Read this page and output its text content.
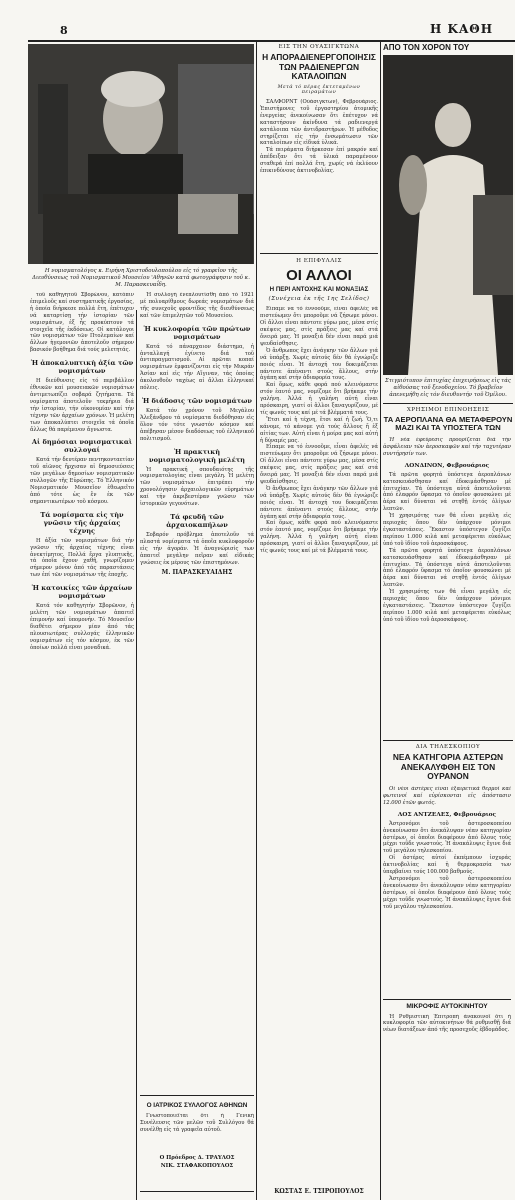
8	Η ΚΑΘΗ
Η νομισματολόγος κ. Ειρήνη Χριστοδουλοπούλου είς τό γραφεῖον τῆς Διευθύνσεως τοῦ Νομισματικοῦ Μουσείου 'Αθηνῶν κατά φωτογράφησιν τοῦ κ. Μ. Παρασκευαΐδη.

τοῦ καθηγητοῦ Σβορώνου, κατόπιν ἐπιμελοῦς καί συστηματικῆς ἐργασίας, ἡ ὁποία διήρκεσε πολλά ἔτη, ἐπέτυχεν νά καταρτίσῃ τήν ἱστορίαν τῶν νομισμάτων, ἐξ ἧς προκύπτουν τά στοιχεῖα τῆς ἐκδόσεως. Οἱ κατάλογοι τῶν νομισμάτων τῶν Πτολεμαίων καί ἄλλων ἡγεμονιῶν ἀποτελοῦν σήμερον βασικόν βοήθημα διά τούς μελετητάς.

Ἡ ἀποκαλυπτικὴ ἀξία τῶν νομισμάτων

Η διεύθυνσις είς τό περιβάλλον ἐθνικῶν καί μουσειακῶν νομισμάτων ἀντιμετωπίζει σοβαρά ζητήματα. Τά νομίσματα ἀποτελοῦν τεκμήρια διά τήν ἱστορίαν, τήν οἰκονομίαν καί τήν τέχνην τῶν ἀρχαίων χρόνων. Ἡ μελέτη των ἀποκαλύπτει στοιχεῖα τά ὁποῖα ἄλλως θά παρέμενον ἄγνωστα.

Αἱ δημόσιαι νομισματικαὶ συλλογαί

Κατά τήν δευτέραν πεντηκονταετίαν τοῦ αἰῶνος ἤρχισαν αἱ δημοσιεύσεις τῶν μεγάλων δημοσίων νομισματικῶν συλλογῶν τῆς Εὐρώπης. Τό Ἑλληνικόν Νομισματικόν Μουσεῖον ἐθεωρεῖτο ἀπό τότε ὡς ἕν ἐκ τῶν σημαντικωτέρων τοῦ κόσμου.

Τά νομίσματα εἰς τὴν γνῶσιν τῆς ἀρχαίας τέχνης

Η ἀξία τῶν νομισμάτων διά τήν γνῶσιν τῆς ἀρχαίας τέχνης εἶναι ἀνεκτίμητος. Πολλά ἔργα γλυπτικῆς, τά ὁποῖα ἔχουν χαθῆ, γνωρίζομεν σήμερον μόνον ἀπό τάς παραστάσεις των ἐπί τῶν νομισμάτων τῆς ἐποχῆς.

Ἡ κατοικίες τῶν ἀρχαίων νομισμάτων

Κατά τόν καθηγητήν Σβορῶνον, ἡ μελέτη τῶν νομισμάτων ἀπαιτεῖ ἐπιμονήν καί ὑπομονήν. Τό Μουσεῖον διαθέτει σήμερον μίαν ἀπό τάς πλουσιωτέρας συλλογάς ἑλληνικῶν νομισμάτων εἰς τόν κόσμον, ἐκ τῶν ὁποίων πολλά εἶναι μοναδικά.

Ἡ συλλογή ἐνεπλουτίσθη ἀπό τό 1921 μέ πολυαρίθμους δωρεάς νομισμάτων διά τῆς συνεχοῦς φροντίδος τῆς διευθύνσεως καί τῶν ἐπιμελητῶν τοῦ Μουσείου.

Ἡ κυκλοφορία τῶν πρώτων νομισμάτων

Κατά τό πάναρχαιον διάστημα, ἡ ἀνταλλαγή ἐγίνετο διά τοῦ ἀντιπραγματισμοῦ. Αἱ πρῶται κοπαί νομισμάτων ἐμφανίζονται εἰς τήν Μικράν Ἀσίαν καί εἰς τήν Αἴγιναν, τάς ὁποίας ἀκολουθοῦν ταχέως αἱ ἄλλαι ἑλληνικαί πόλεις.

Ἡ διάδοσις τῶν νομισμάτων

Κατά τόν χρόνον τοῦ Μεγάλου Ἀλεξάνδρου τά νομίσματα διεδόθησαν εἰς ὅλον τόν τότε γνωστόν κόσμον καί ἀπέβησαν μέσον διαδόσεως τοῦ ἑλληνικοῦ πολιτισμοῦ.

Ἡ πρακτικὴ νομισματολογικὴ μελέτη

Ἡ πρακτική σπουδαιότης τῆς νομισματολογίας εἶναι μεγάλη. Ἡ μελέτη τῶν νομισμάτων ἐπιτρέπει τήν χρονολόγησιν ἀρχαιολογικῶν εὑρημάτων καί τήν ἀκριβεστέραν γνῶσιν τῶν ἱστορικῶν γεγονότων.

Τά φευδῆ τῶν ἀρχαιοκαπήλων

Σοβαρόν πρόβλημα ἀποτελοῦν τά πλαστά νομίσματα τά ὁποῖα κυκλοφοροῦν εἰς τήν ἀγοράν. Ἡ ἀναγνώρισίς των ἀπαιτεῖ μεγάλην πεῖραν καί εἰδικάς γνώσεις ἐκ μέρους τῶν ἐπιστημόνων.

Μ. ΠΑΡΑΣΚΕΥΑΙΔΗΣ
Ο ΙΑΤΡΙΚΟΣ ΣΥΛΛΟΓΟΣ ΑΘΗΝΩΝ

Γνωστοποιεῖται ὅτι ἡ Γενική Συνέλευσις τῶν μελῶν τοῦ Συλλόγου θά συνέλθῃ εἰς τά γραφεῖα αὐτοῦ.

Ο Πρόεδρος Δ. ΤΡΑΥΛΟΣ
ΝΙΚ. ΣΤΑΦΑΚΟΠΟΥΛΟΣ
ΕΙΣ ΤΗΝ ΟΥΑΣΙΓΚΤΩΝΑ
Η ΑΠΟΡΑΔΙΕΝΕΡΓΟΠΟΙΗΣΙΣ ΤΩΝ ΡΑΔΙΕΝΕΡΓΩΝ ΚΑΤΑΛΟΙΠΩΝ
Μετά τό πέρας ἐκτεταμένων πειραμάτων

ΣΑΛΦΟΡΝΤ (Οὐάσιγκτων), Φεβρουάριος. Ἐπιστήμονες τοῦ ἐργαστηρίου ἀτομικῆς ἐνεργείας ἀνεκοίνωσαν ὅτι ἐπέτυχον νά καταστήσουν ἀκίνδυνα τά ραδιενεργά κατάλοιπα τῶν ἀντιδραστήρων. Ἡ μέθοδος στηρίζεται εἰς τήν ἐνσωμάτωσιν τῶν καταλοίπων εἰς εἰδικά ὑλικά.

Τά πειράματα διήρκεσαν ἐπί μακρόν καί ἀπέδειξαν ὅτι τά ὑλικά παραμένουν σταθερά ἐπί πολλά ἔτη, χωρίς νά ἐκλύουν ἐπικινδύνους ἀκτινοβολίας.

Η ΕΠΙΦΥΛΛΙΣ
ΟΙ ΑΛΛΟΙ
Η ΠΕΡΙ ΑΝΤΟΧΗΣ ΚΑΙ ΜΟΝΑΞΙΑΣ
(Συνέχεια ἐκ τῆς 1ης Σελίδος)

Εἶπαμε να τό ἐννοοῦμε, εἶναι ἀφελές νά πιστεύωμεν ὅτι μποροῦμε νά ζήσωμε μόνοι. Οἱ ἄλλοι εἶναι πάντοτε γύρω μας, μέσα στίς σκέψεις μας, στίς πράξεις μας καί στά ὄνειρά μας. Ἡ μοναξιά δέν εἶναι παρά μιά ψευδαίσθησις.

Ὁ ἄνθρωπος ἔχει ἀνάγκην τῶν ἄλλων γιά νά ὑπάρξῃ. Χωρίς αὐτούς δέν θά ἐγνώριζε ποιός εἶναι. Ἡ ἀντοχή του δοκιμάζεται πάντοτε ἀπέναντι στούς ἄλλους, στήν ἀγάπη καί στήν ἀδιαφορία τους.

Καί ὅμως, κάθε φορά πού κλεινόμαστε στόν ἑαυτό μας, νομίζομε ὅτι βρήκαμε τήν γαλήνη. Ἀλλά ἡ γαλήνη αὐτή εἶναι πρόσκαιρη, γιατί οἱ ἄλλοι ξαναγυρίζουν, μέ τίς φωνές τους καί μέ τά βλέμματά τους.

Ἔτσι καί ἡ τέχνη, ἔτσι καί ἡ ζωή. Ὅ,τι κάνομε, τό κάνομε γιά τούς ἄλλους ἤ ἐξ αἰτίας των. Αὐτή εἶναι ἡ μοίρα μας καί αὐτή ἡ δύναμίς μας.

Εἶπαμε να τό ἐννοοῦμε, εἶναι ἀφελές νά πιστεύωμεν ὅτι μποροῦμε νά ζήσωμε μόνοι. Οἱ ἄλλοι εἶναι πάντοτε γύρω μας, μέσα στίς σκέψεις μας, στίς πράξεις μας καί στά ὄνειρά μας. Ἡ μοναξιά δέν εἶναι παρά μιά ψευδαίσθησις.

Ὁ ἄνθρωπος ἔχει ἀνάγκην τῶν ἄλλων γιά νά ὑπάρξῃ. Χωρίς αὐτούς δέν θά ἐγνώριζε ποιός εἶναι. Ἡ ἀντοχή του δοκιμάζεται πάντοτε ἀπέναντι στούς ἄλλους, στήν ἀγάπη καί στήν ἀδιαφορία τους.

Καί ὅμως, κάθε φορά πού κλεινόμαστε στόν ἑαυτό μας, νομίζομε ὅτι βρήκαμε τήν γαλήνη. Ἀλλά ἡ γαλήνη αὐτή εἶναι πρόσκαιρη, γιατί οἱ ἄλλοι ξαναγυρίζουν, μέ τίς φωνές τους καί μέ τά βλέμματά τους.

ΚΩΣΤΑΣ Ε. ΤΣΙΡΟΠΟΥΛΟΣ
ΑΠΟ ΤΟΝ ΧΟΡΟΝ ΤΟΥ
Στιγμιότυπον ἐπιτυχίας ἐπιχειρήσεως εἰς τάς αἰθούσας τοῦ ξενοδοχείου. Τό βραβεῖον ἀπενεμήθη εἰς τόν διευθυντήν τοῦ Ὀμίλου.
ΧΡΗΣΙΜΟΙ ΕΠΙΝΟΗΣΕΙΣ
ΤΑ ΑΕΡΟΠΛΑΝΑ ΘΑ ΜΕΤΑΦΕΡΟΥΝ ΜΑΖΙ ΚΑΙ ΤΑ ΥΠΟΣΤΕΓΑ ΤΩΝ

Ἡ νέα ἐφεύρεσις προορίζεται διά τήν ἀσφάλειαν τῶν ἀεροσκαφῶν καί τήν ταχυτέραν συντήρησίν των.

ΛΟΝΔΙΝΟΝ, Φεβρουάριος

Τά πρῶτα φορητά ὑπόστεγα ἀεροπλάνων κατεσκευάσθησαν καί ἐδοκιμάσθησαν μέ ἐπιτυχίαν. Τά ὑπόστεγα αὐτά ἀποτελοῦνται ἀπό ἐλαφρόν ὕφασμα τό ὁποῖον φουσκώνει μέ ἀέρα καί δύναται νά στηθῇ ἐντός ὀλίγων λεπτῶν.

Ἡ χρησιμότης των θά εἶναι μεγάλη εἰς περιοχάς ὅπου δέν ὑπάρχουν μόνιμοι ἐγκαταστάσεις. Ἕκαστον ὑπόστεγον ζυγίζει περίπου 1.000 κιλά καί μεταφέρεται εὐκόλως ὑπό τοῦ ἰδίου τοῦ ἀεροσκάφους.

Τά πρῶτα φορητά ὑπόστεγα ἀεροπλάνων κατεσκευάσθησαν καί ἐδοκιμάσθησαν μέ ἐπιτυχίαν. Τά ὑπόστεγα αὐτά ἀποτελοῦνται ἀπό ἐλαφρόν ὕφασμα τό ὁποῖον φουσκώνει μέ ἀέρα καί δύναται νά στηθῇ ἐντός ὀλίγων λεπτῶν.

Ἡ χρησιμότης των θά εἶναι μεγάλη εἰς περιοχάς ὅπου δέν ὑπάρχουν μόνιμοι ἐγκαταστάσεις. Ἕκαστον ὑπόστεγον ζυγίζει περίπου 1.000 κιλά καί μεταφέρεται εὐκόλως ὑπό τοῦ ἰδίου τοῦ ἀεροσκάφους.

ΔΙΑ ΤΗΛΕΣΚΟΠΙΟΥ
ΝΕΑ ΚΑΤΗΓΟΡΙΑ ΑΣΤΕΡΩΝ ΑΝΕΚΑΛΥΦΘΗ ΕΙΣ ΤΟΝ ΟΥΡΑΝΟΝ

Οἱ νέοι ἀστέρες εἶναι ἐξαιρετικά θερμοί καί φωτεινοί καί εὑρίσκονται εἰς ἀπόστασιν 12.000 ἐτῶν φωτός.

ΛΟΣ ΑΝΤΖΕΛΕΣ, Φεβρουάριος

Ἀστρονόμοι τοῦ ἀστεροσκοπείου ἀνεκοίνωσαν ὅτι ἀνεκάλυψαν νέαν κατηγορίαν ἀστέρων, οἱ ὁποῖοι διαφέρουν ἀπό ὅλους τούς μέχρι τοῦδε γνωστούς. Ἡ ἀνακάλυψις ἔγινε διά τοῦ μεγάλου τηλεσκοπίου.

Οἱ ἀστέρες αὐτοί ἐκπέμπουν ἰσχυράς ἀκτινοβολίας καί ἡ θερμοκρασία των ὑπερβαίνει τούς 100.000 βαθμούς.

Ἀστρονόμοι τοῦ ἀστεροσκοπείου ἀνεκοίνωσαν ὅτι ἀνεκάλυψαν νέαν κατηγορίαν ἀστέρων, οἱ ὁποῖοι διαφέρουν ἀπό ὅλους τούς μέχρι τοῦδε γνωστούς. Ἡ ἀνακάλυψις ἔγινε διά τοῦ μεγάλου τηλεσκοπίου.

ΜΙΚΡΟΦΙΣ ΑΥΤΟΚΙΝΗΤΟΥ

Ἡ Ρυθμιστική Ἐπιτροπή ἀνακοινοῖ ὅτι ἡ κυκλοφορία τῶν αὐτοκινήτων θά ρυθμισθῇ διά νέων διατάξεων ἀπό τῆς προσεχοῦς ἑβδομάδος.
